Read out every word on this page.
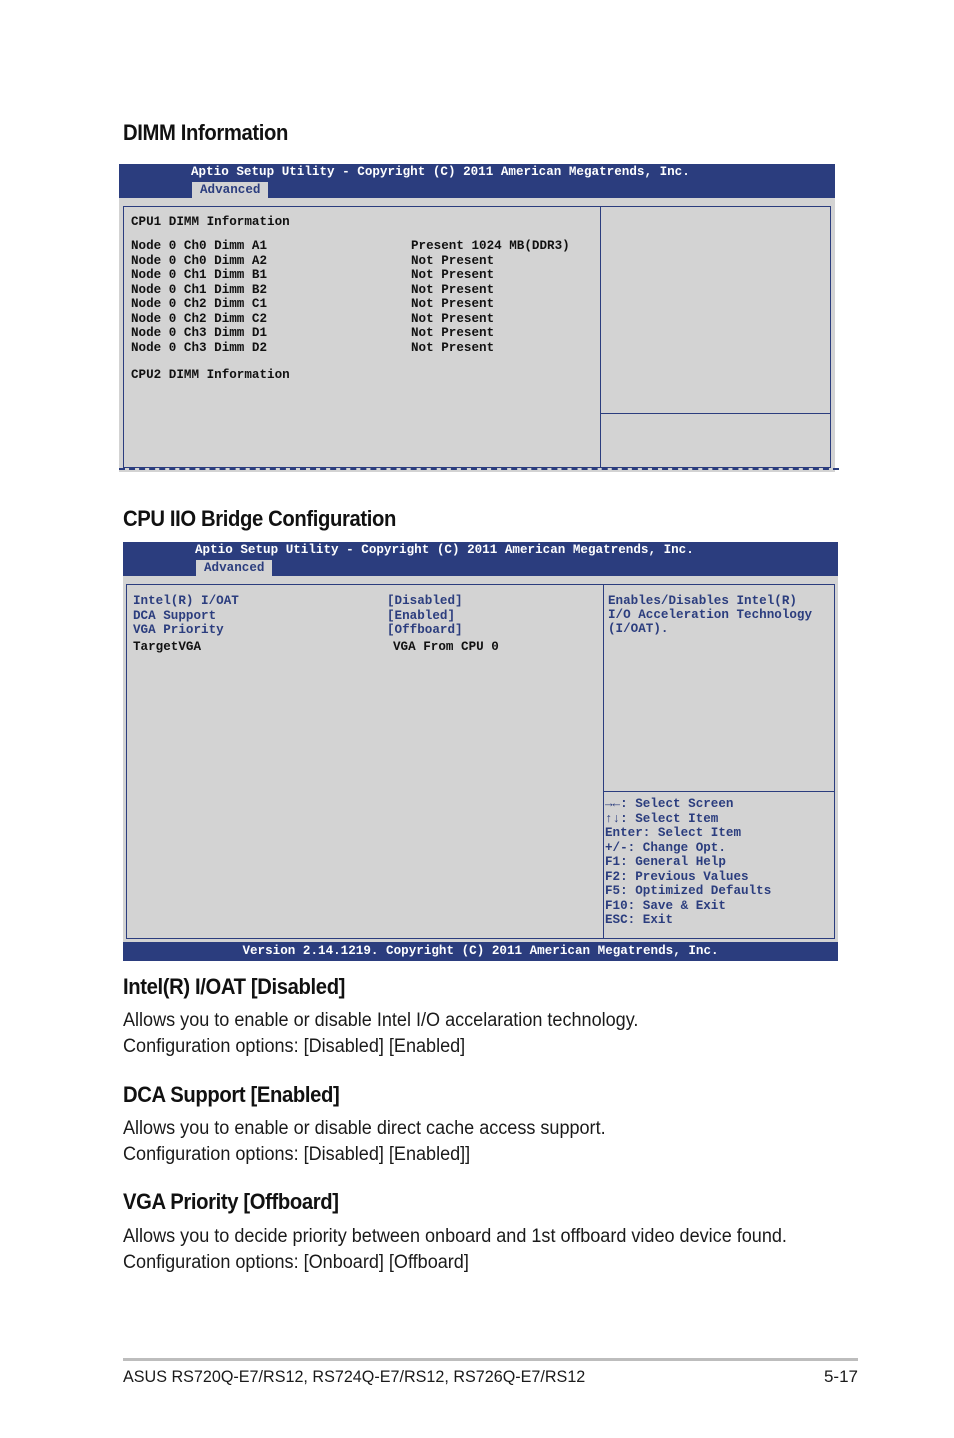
DIMM Information
Aptio Setup Utility - Copyright (C) 2011 American Megatrends, Inc.
Advanced
CPU1 DIMM Information
Node 0 Ch0 Dimm A1	Present 1024 MB(DDR3)
Node 0 Ch0 Dimm A2	Not Present
Node 0 Ch1 Dimm B1	Not Present
Node 0 Ch1 Dimm B2	Not Present
Node 0 Ch2 Dimm C1	Not Present
Node 0 Ch2 Dimm C2	Not Present
Node 0 Ch3 Dimm D1	Not Present
Node 0 Ch3 Dimm D2	Not Present
CPU2 DIMM Information
CPU IIO Bridge Configuration
Aptio Setup Utility - Copyright (C) 2011 American Megatrends, Inc.
Advanced
Intel(R) I/OAT	[Disabled]
DCA Support	[Enabled]
VGA Priority	[Offboard]
TargetVGA	VGA From CPU 0
Enables/Disables Intel(R)
I/O Acceleration Technology
(I/OAT).
→←: Select Screen
↑↓: Select Item
Enter: Select Item
+/-: Change Opt.
F1: General Help
F2: Previous Values
F5: Optimized Defaults
F10: Save & Exit
ESC: Exit
Version 2.14.1219. Copyright (C) 2011 American Megatrends, Inc.
Intel(R) I/OAT [Disabled]
Allows you to enable or disable Intel I/O accelaration technology.
Configuration options: [Disabled] [Enabled]
DCA Support [Enabled]
Allows you to enable or disable direct cache access support.
Configuration options: [Disabled] [Enabled]]
VGA Priority [Offboard]
Allows you to decide priority between onboard and 1st offboard video device found.
Configuration options: [Onboard] [Offboard]
ASUS RS720Q-E7/RS12, RS724Q-E7/RS12, RS726Q-E7/RS12	5-17
